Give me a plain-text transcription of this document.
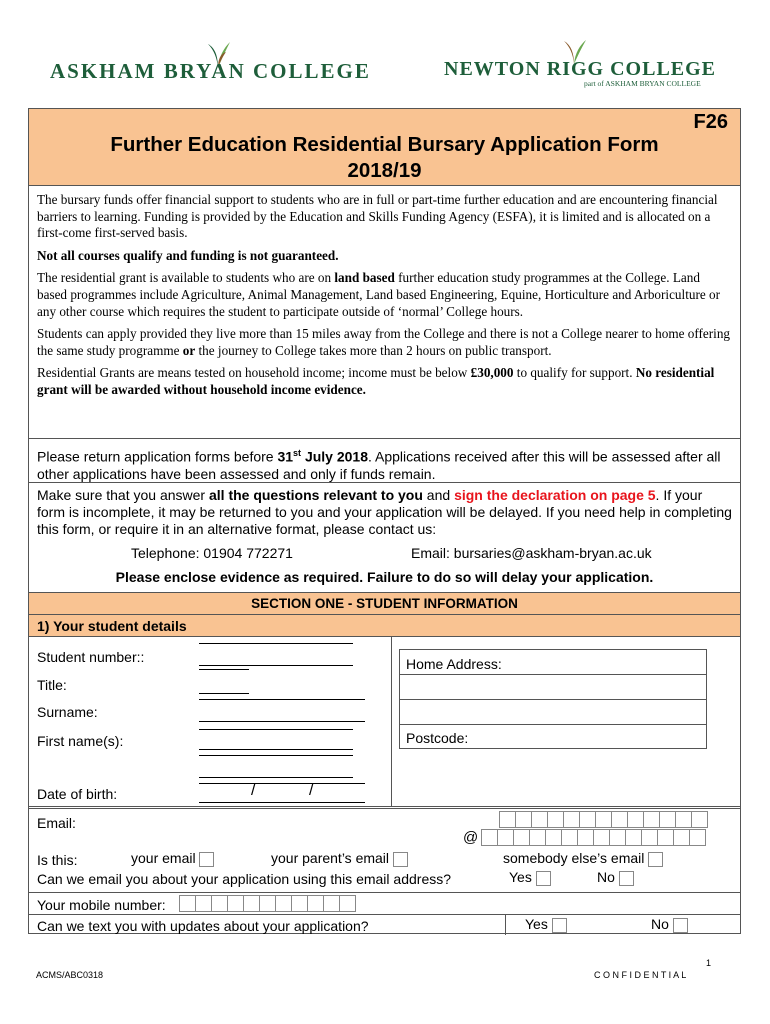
ASKHAM BRYAN COLLEGE	NEWTON RIGG COLLEGE
part of ASKHAM BRYAN COLLEGE
F26
Further Education Residential Bursary Application Form
2018/19

The bursary funds offer financial support to students who are in full or part-time further education and are encountering financial barriers to learning. Funding is provided by the Education and Skills Funding Agency (ESFA), it is limited and is allocated on a first-come first-served basis.

Not all courses qualify and funding is not guaranteed.

The residential grant is available to students who are on land based further education study programmes at the College. Land based programmes include Agriculture, Animal Management, Land based Engineering, Equine, Horticulture and Arboriculture or any other course which requires the student to participate outside of ‘normal’ College hours.

Students can apply provided they live more than 15 miles away from the College and there is not a College nearer to home offering the same study programme or the journey to College takes more than 2 hours on public transport.

Residential Grants are means tested on household income; income must be below £30,000 to qualify for support. No residential grant will be awarded without household income evidence.

Please return application forms before 31st July 2018. Applications received after this will be assessed after all other applications have been assessed and only if funds remain.
Make sure that you answer all the questions relevant to you and sign the declaration on page 5. If your form is incomplete, it may be returned to you and your application will be delayed. If you need help in completing this form, or require it in an alternative format, please contact us:
Telephone: 01904 772271	Email: bursaries@askham-bryan.ac.uk
Please enclose evidence as required. Failure to do so will delay your application.
SECTION ONE - STUDENT INFORMATION
1) Your student details
Student number::
Title:
Surname:
First name(s):
Home Address:
Postcode:
Date of birth:	/	/
Email:
@
Is this:	your email	your parent’s email	somebody else’s email
Can we email you about your application using this email address?	Yes	No
Your mobile number:
Can we text you with updates about your application?	Yes	No
ACMS/ABC0318
1
C O N F I D E N T I A L
